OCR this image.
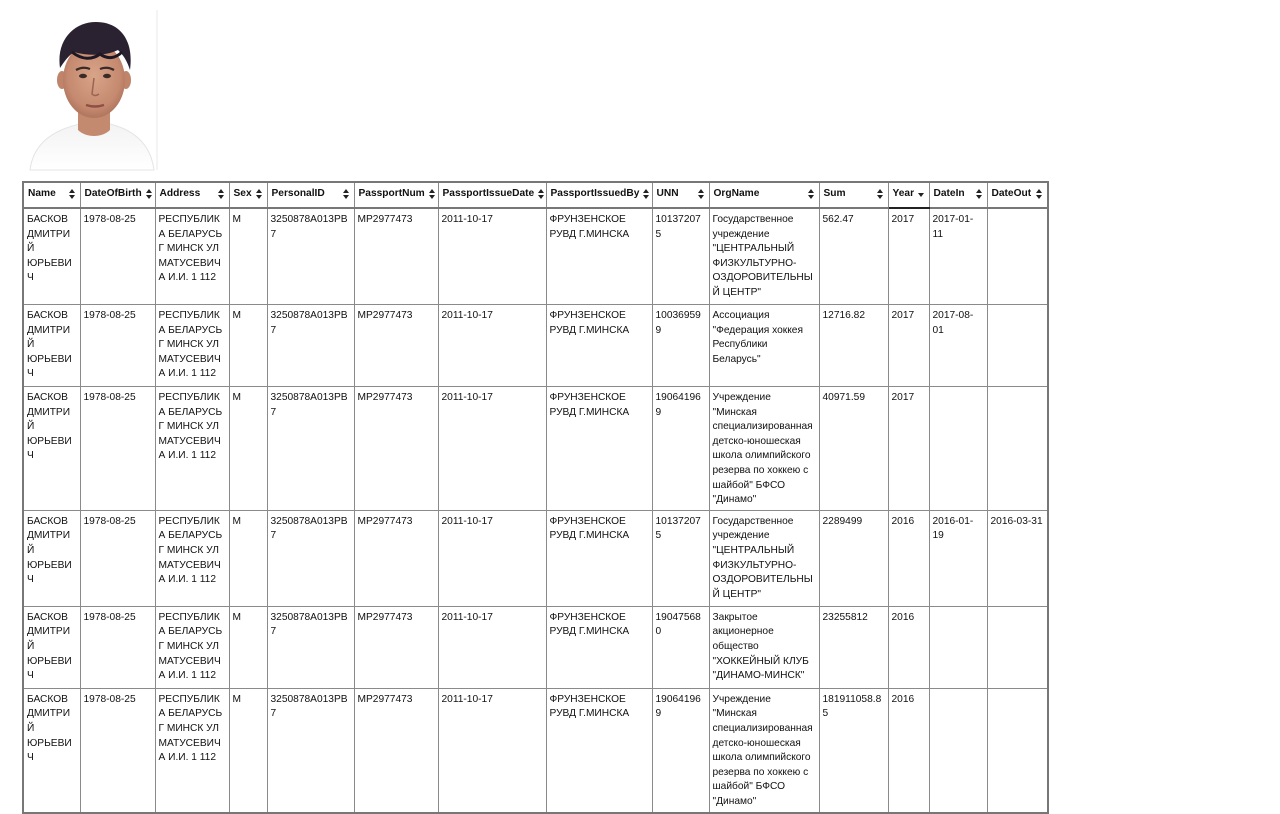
Name	DateOfBirth	Address	Sex	PersonalID	PassportNum	PassportIssueDate	PassportIssuedBy	UNN	OrgName	Sum	Year	DateIn	DateOut

БАСКОВ ДМИТРИЙ ЮРЬЕВИЧ	1978-08-25	РЕСПУБЛИКА БЕЛАРУСЬ Г МИНСК УЛ МАТУСЕВИЧА И.И. 1 112	M	3250878A013PB7	MP2977473	2011-10-17	ФРУНЗЕНСКОЕ РУВД Г.МИНСКА	101372075	Государственное учреждение "ЦЕНТРАЛЬНЫЙ ФИЗКУЛЬТУРНО-ОЗДОРОВИТЕЛЬНЫЙ ЦЕНТР"	562.47	2017	2017-01-11	
БАСКОВ ДМИТРИЙ ЮРЬЕВИЧ	1978-08-25	РЕСПУБЛИКА БЕЛАРУСЬ Г МИНСК УЛ МАТУСЕВИЧА И.И. 1 112	M	3250878A013PB7	MP2977473	2011-10-17	ФРУНЗЕНСКОЕ РУВД Г.МИНСКА	100369599	Ассоциация "Федерация хоккея Республики Беларусь"	12716.82	2017	2017-08-01	
БАСКОВ ДМИТРИЙ ЮРЬЕВИЧ	1978-08-25	РЕСПУБЛИКА БЕЛАРУСЬ Г МИНСК УЛ МАТУСЕВИЧА И.И. 1 112	M	3250878A013PB7	MP2977473	2011-10-17	ФРУНЗЕНСКОЕ РУВД Г.МИНСКА	190641969	Учреждение "Минская специализированная детско-юношеская школа олимпийского резерва по хоккею с шайбой" БФСО "Динамо"	40971.59	2017		
БАСКОВ ДМИТРИЙ ЮРЬЕВИЧ	1978-08-25	РЕСПУБЛИКА БЕЛАРУСЬ Г МИНСК УЛ МАТУСЕВИЧА И.И. 1 112	M	3250878A013PB7	MP2977473	2011-10-17	ФРУНЗЕНСКОЕ РУВД Г.МИНСКА	101372075	Государственное учреждение "ЦЕНТРАЛЬНЫЙ ФИЗКУЛЬТУРНО-ОЗДОРОВИТЕЛЬНЫЙ ЦЕНТР"	2289499	2016	2016-01-19	2016-03-31
БАСКОВ ДМИТРИЙ ЮРЬЕВИЧ	1978-08-25	РЕСПУБЛИКА БЕЛАРУСЬ Г МИНСК УЛ МАТУСЕВИЧА И.И. 1 112	M	3250878A013PB7	MP2977473	2011-10-17	ФРУНЗЕНСКОЕ РУВД Г.МИНСКА	190475680	Закрытое акционерное общество "ХОККЕЙНЫЙ КЛУБ "ДИНАМО-МИНСК"	23255812	2016		
БАСКОВ ДМИТРИЙ ЮРЬЕВИЧ	1978-08-25	РЕСПУБЛИКА БЕЛАРУСЬ Г МИНСК УЛ МАТУСЕВИЧА И.И. 1 112	M	3250878A013PB7	MP2977473	2011-10-17	ФРУНЗЕНСКОЕ РУВД Г.МИНСКА	190641969	Учреждение "Минская специализированная детско-юношеская школа олимпийского резерва по хоккею с шайбой" БФСО "Динамо"	181911058.85	2016		
